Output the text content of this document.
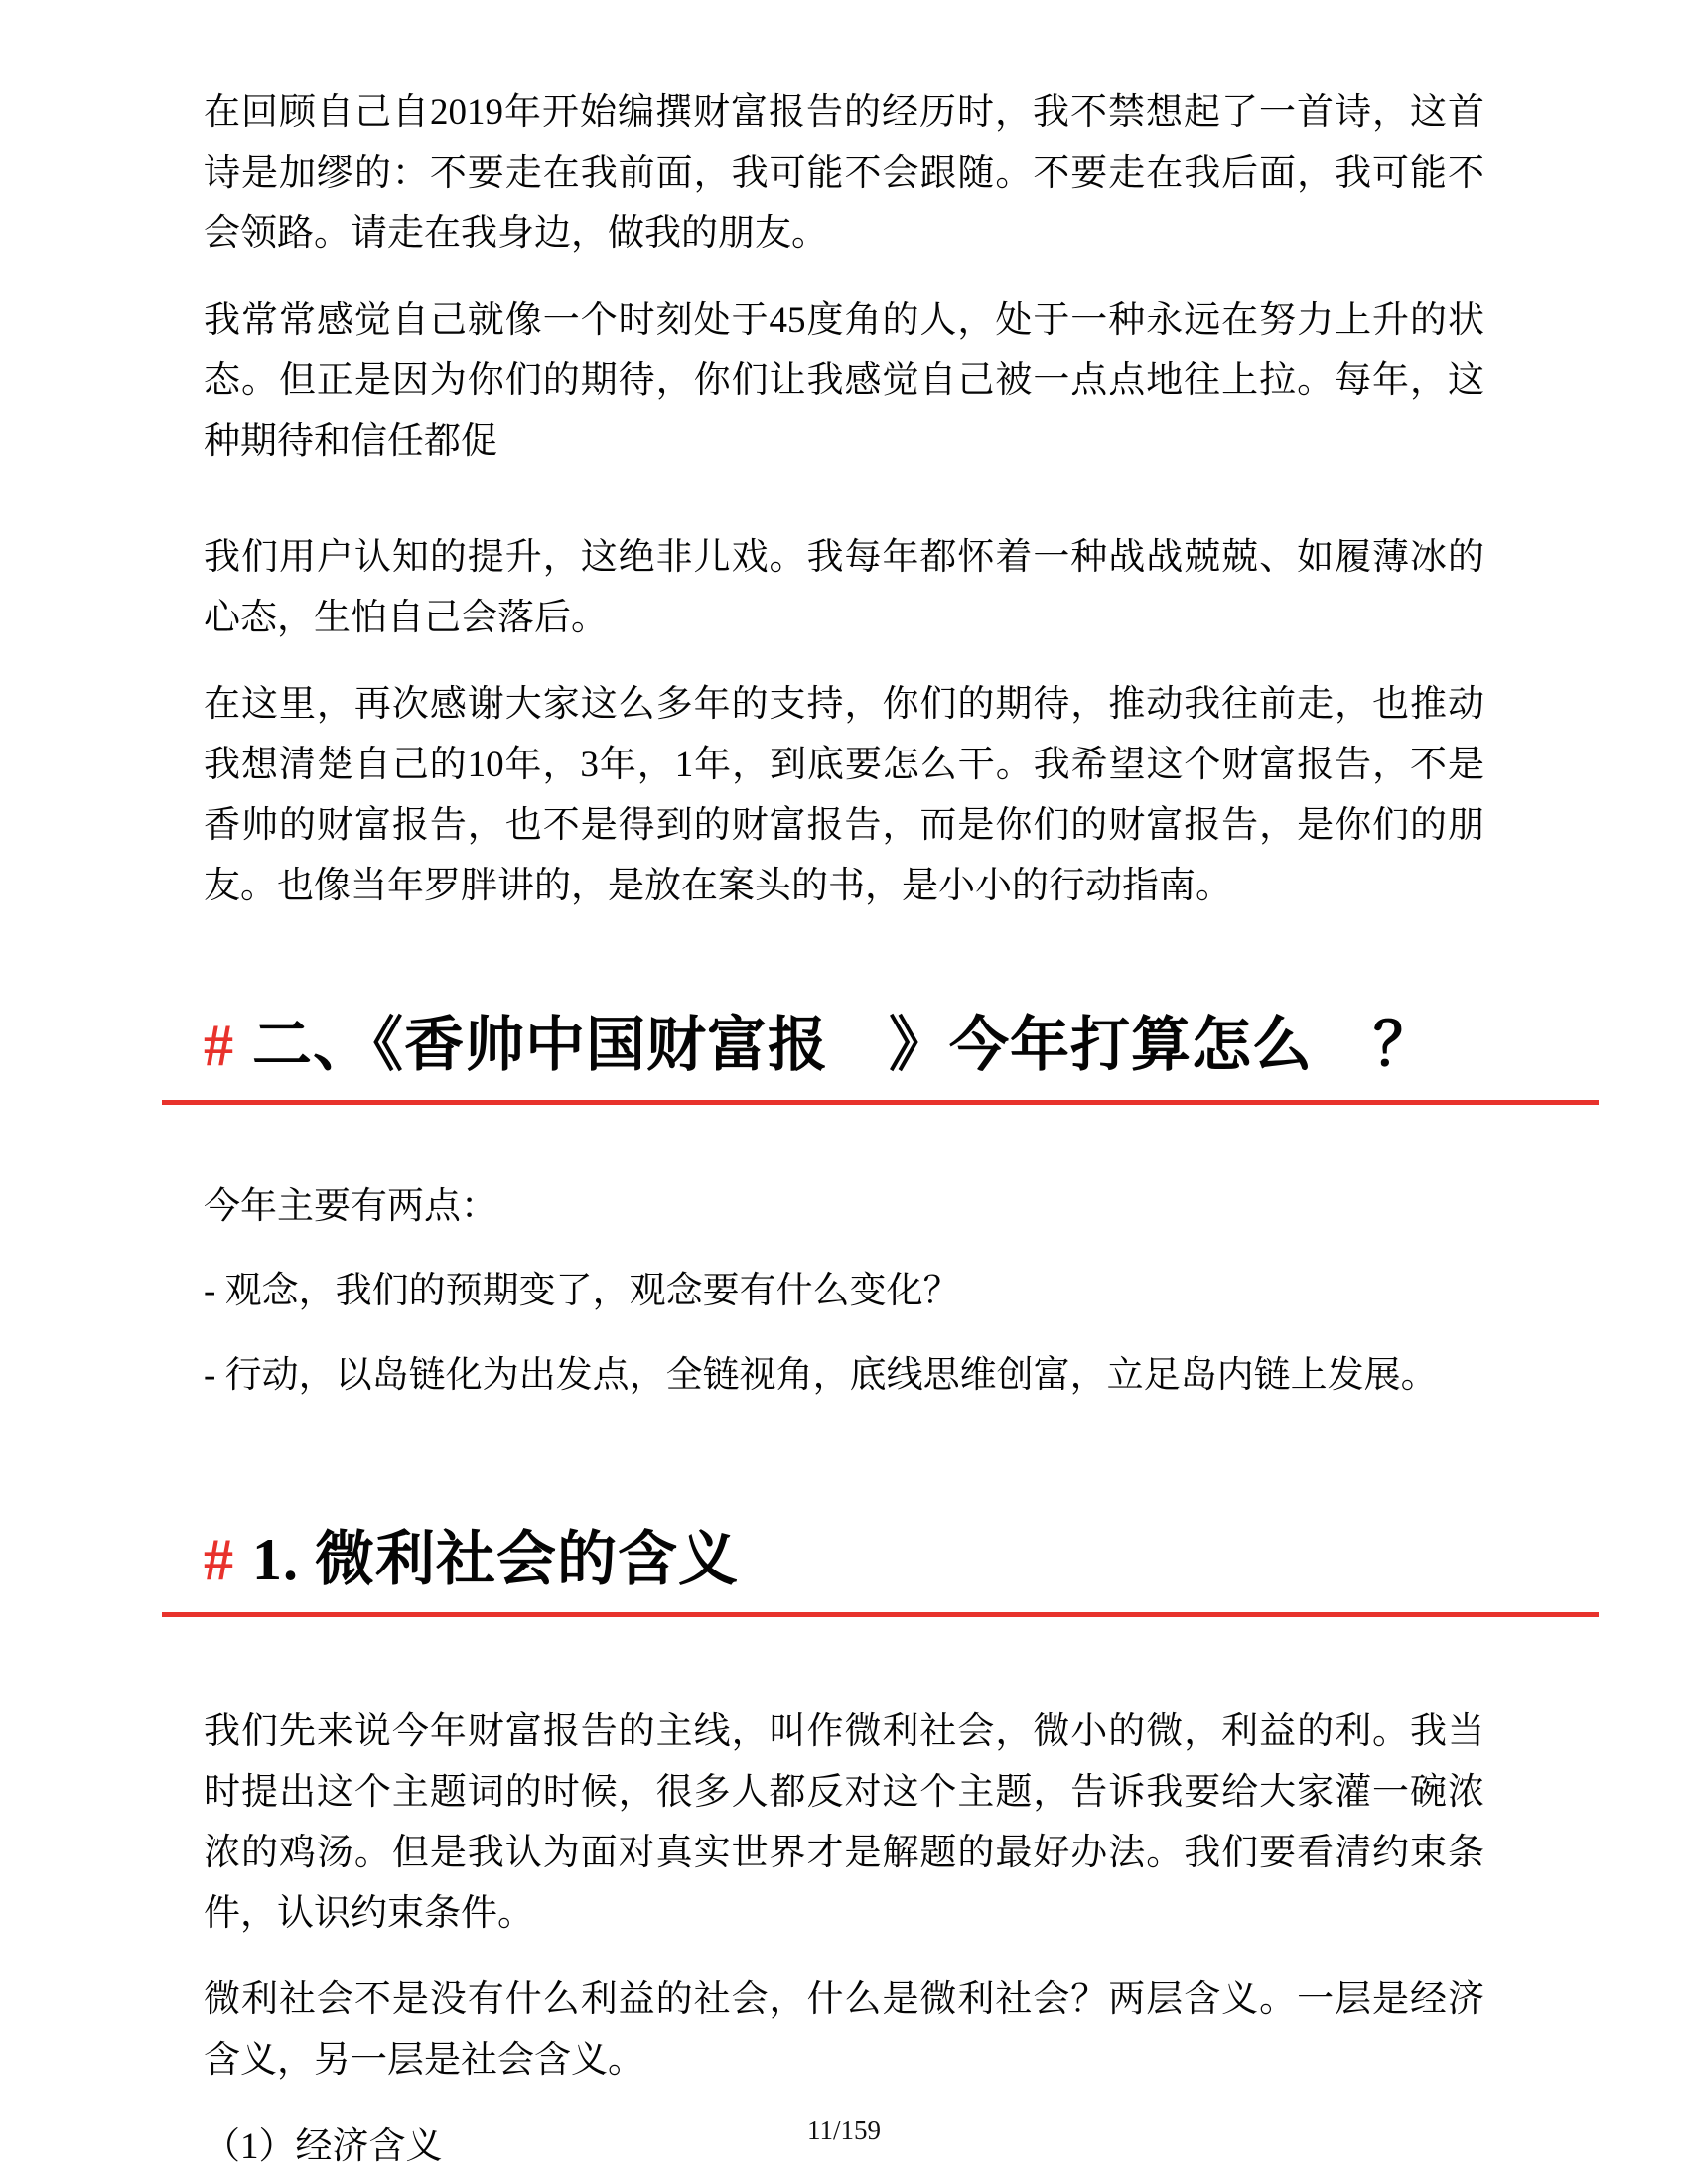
在回顾自己自2019年开始编撰财富报告的经历时，我不禁想起了一首诗，这首诗是加缪的：不要走在我前面，我可能不会跟随。不要走在我后面，我可能不会领路。请走在我身边，做我的朋友。

我常常感觉自己就像一个时刻处于45度角的人，处于一种永远在努力上升的状态。但正是因为你们的期待，你们让我感觉自己被一点点地往上拉。每年，这种期待和信任都促

我们用户认知的提升，这绝非儿戏。我每年都怀着一种战战兢兢、如履薄冰的心态，生怕自己会落后。

在这里，再次感谢大家这么多年的支持，你们的期待，推动我往前走，也推动我想清楚自己的10年，3年，1年，到底要怎么干。我希望这个财富报告，不是香帅的财富报告，也不是得到的财富报告，而是你们的财富报告，是你们的朋友。也像当年罗胖讲的，是放在案头的书，是小小的行动指南。

# 二、《香帅中国财富报　》今年打算怎么　？

今年主要有两点：

- 观念，我们的预期变了，观念要有什么变化？

- 行动，以岛链化为出发点，全链视角，底线思维创富，立足岛内链上发展。

# 1. 微利社会的含义

我们先来说今年财富报告的主线，叫作微利社会，微小的微，利益的利。我当时提出这个主题词的时候，很多人都反对这个主题，告诉我要给大家灌一碗浓浓的鸡汤。但是我认为面对真实世界才是解题的最好办法。我们要看清约束条件，认识约束条件。

微利社会不是没有什么利益的社会，什么是微利社会？两层含义。一层是经济含义，另一层是社会含义。

（1）经济含义	11/159
